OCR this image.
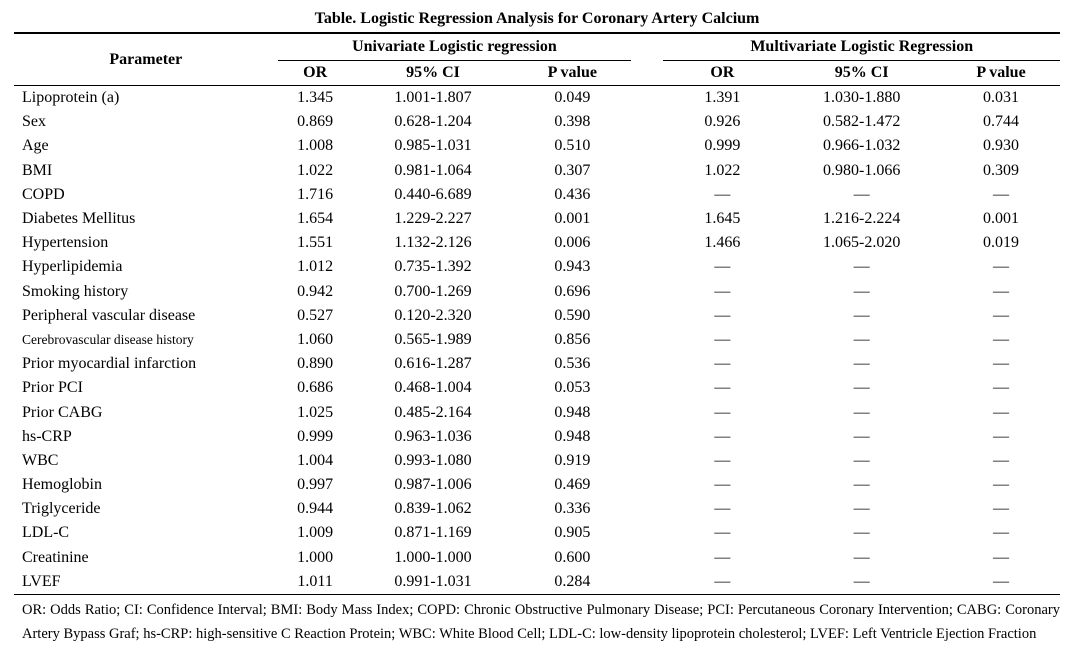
Table. Logistic Regression Analysis for Coronary Artery Calcium
Parameter	Univariate Logistic regression				Multivariate Logistic Regression		
	OR	95% CI	P value		OR	95% CI	P value
Lipoprotein (a)	1.345	1.001-1.807	0.049		1.391	1.030-1.880	0.031
Sex	0.869	0.628-1.204	0.398		0.926	0.582-1.472	0.744
Age	1.008	0.985-1.031	0.510		0.999	0.966-1.032	0.930
BMI	1.022	0.981-1.064	0.307		1.022	0.980-1.066	0.309
COPD	1.716	0.440-6.689	0.436		—	—	—
Diabetes Mellitus	1.654	1.229-2.227	0.001		1.645	1.216-2.224	0.001
Hypertension	1.551	1.132-2.126	0.006		1.466	1.065-2.020	0.019
Hyperlipidemia	1.012	0.735-1.392	0.943		—	—	—
Smoking history	0.942	0.700-1.269	0.696		—	—	—
Peripheral vascular disease	0.527	0.120-2.320	0.590		—	—	—
Cerebrovascular disease history	1.060	0.565-1.989	0.856		—	—	—
Prior myocardial infarction	0.890	0.616-1.287	0.536		—	—	—
Prior PCI	0.686	0.468-1.004	0.053		—	—	—
Prior CABG	1.025	0.485-2.164	0.948		—	—	—
hs-CRP	0.999	0.963-1.036	0.948		—	—	—
WBC	1.004	0.993-1.080	0.919		—	—	—
Hemoglobin	0.997	0.987-1.006	0.469		—	—	—
Triglyceride	0.944	0.839-1.062	0.336		—	—	—
LDL-C	1.009	0.871-1.169	0.905		—	—	—
Creatinine	1.000	1.000-1.000	0.600		—	—	—
LVEF	1.011	0.991-1.031	0.284		—	—	—
OR: Odds Ratio; CI: Confidence Interval; BMI: Body Mass Index; COPD: Chronic Obstructive Pulmonary Disease; PCI: Percutaneous Coronary Intervention; CABG: Coronary Artery Bypass Graf; hs-CRP: high-sensitive C Reaction Protein; WBC: White Blood Cell; LDL-C: low-density lipoprotein cholesterol; LVEF: Left Ventricle Ejection Fraction
